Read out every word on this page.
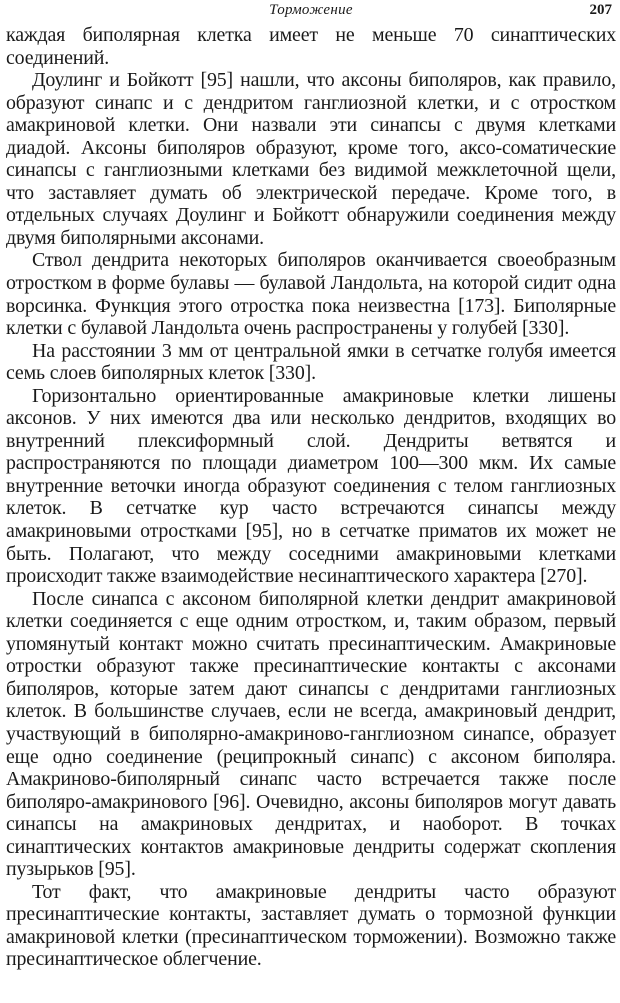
Торможение	207

каждая биполярная клетка имеет не меньше 70 синаптических соединений.

Доулинг и Бойкотт [95] нашли, что аксоны биполяров, как правило, образуют синапс и с дендритом ганглиозной клетки, и с отростком амакриновой клетки. Они назвали эти синапсы с двумя клетками диадой. Аксоны биполяров образуют, кроме того, аксо-соматические синапсы с ганглиозными клетками без видимой межклеточной щели, что заставляет думать об электрической передаче. Кроме того, в отдельных случаях Доулинг и Бойкотт обнаружили соединения между двумя биполярными аксонами.

Ствол дендрита некоторых биполяров оканчивается своеобразным отростком в форме булавы — булавой Ландольта, на которой сидит одна ворсинка. Функция этого отростка пока неизвестна [173]. Биполярные клетки с булавой Ландольта очень распространены у голубей [330].

На расстоянии 3 мм от центральной ямки в сетчатке голубя имеется семь слоев биполярных клеток [330].

Горизонтально ориентированные амакриновые клетки лишены аксонов. У них имеются два или несколько дендритов, входящих во внутренний плексиформный слой. Дендриты ветвятся и распространяются по площади диаметром 100—300 мкм. Их самые внутренние веточки иногда образуют соединения с телом ганглиозных клеток. В сетчатке кур часто встречаются синапсы между амакриновыми отростками [95], но в сетчатке приматов их может не быть. Полагают, что между соседними амакриновыми клетками происходит также взаимодействие несинаптического характера [270].

После синапса с аксоном биполярной клетки дендрит амакриновой клетки соединяется с еще одним отростком, и, таким образом, первый упомянутый контакт можно считать пресинаптическим. Амакриновые отростки образуют также пресинаптические контакты с аксонами биполяров, которые затем дают синапсы с дендритами ганглиозных клеток. В большинстве случаев, если не всегда, амакриновый дендрит, участвующий в биполярно-амакриново-ганглиозном синапсе, образует еще одно соединение (реципрокный синапс) с аксоном биполяра. Амакриново-биполярный синапс часто встречается также после биполяро-амакринового [96]. Очевидно, аксоны биполяров могут давать синапсы на амакриновых дендритах, и наоборот. В точках синаптических контактов амакриновые дендриты содержат скопления пузырьков [95].

Тот факт, что амакриновые дендриты часто образуют пресинаптические контакты, заставляет думать о тормозной функции амакриновой клетки (пресинаптическом торможении). Возможно также пресинаптическое облегчение.
